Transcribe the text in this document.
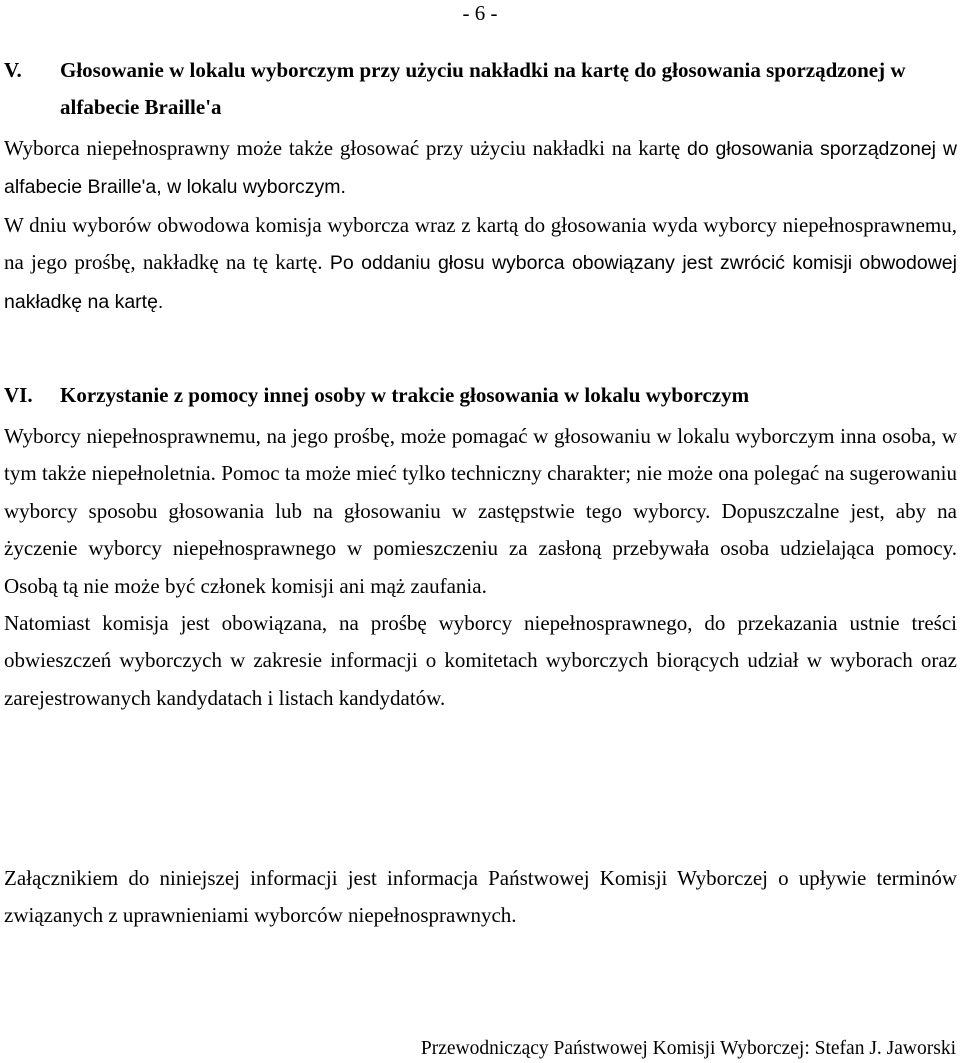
- 6 -
V.	Głosowanie w lokalu wyborczym przy użyciu nakładki na kartę do głosowania sporządzonej w alfabecie Braille'a

Wyborca niepełnosprawny może także głosować przy użyciu nakładki na kartę do głosowania sporządzonej w alfabecie Braille'a, w lokalu wyborczym.

W dniu wyborów obwodowa komisja wyborcza wraz z kartą do głosowania wyda wyborcy niepełnosprawnemu, na jego prośbę, nakładkę na tę kartę. Po oddaniu głosu wyborca obowiązany jest zwrócić komisji obwodowej nakładkę na kartę.

VI.	Korzystanie z pomocy innej osoby w trakcie głosowania w lokalu wyborczym

Wyborcy niepełnosprawnemu, na jego prośbę, może pomagać w głosowaniu w lokalu wyborczym inna osoba, w tym także niepełnoletnia. Pomoc ta może mieć tylko techniczny charakter; nie może ona polegać na sugerowaniu wyborcy sposobu głosowania lub na głosowaniu w zastępstwie tego wyborcy. Dopuszczalne jest, aby na życzenie wyborcy niepełnosprawnego w pomieszczeniu za zasłoną przebywała osoba udzielająca pomocy. Osobą tą nie może być członek komisji ani mąż zaufania.

Natomiast komisja jest obowiązana, na prośbę wyborcy niepełnosprawnego, do przekazania ustnie treści obwieszczeń wyborczych w zakresie informacji o komitetach wyborczych biorących udział w wyborach oraz zarejestrowanych kandydatach i listach kandydatów.

Załącznikiem do niniejszej informacji jest informacja Państwowej Komisji Wyborczej o upływie terminów związanych z uprawnieniami wyborców niepełnosprawnych.

Przewodniczący Państwowej Komisji Wyborczej: Stefan J. Jaworski
